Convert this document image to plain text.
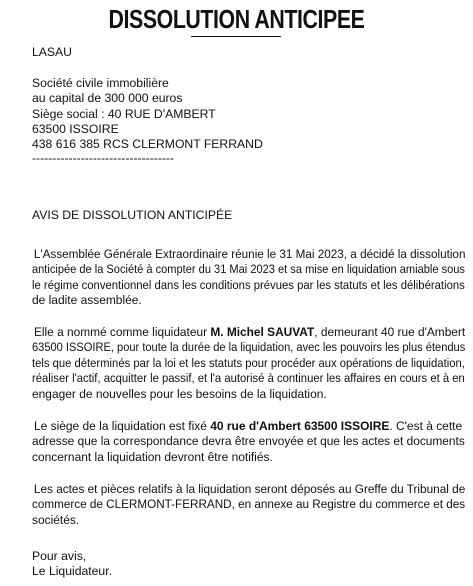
DISSOLUTION ANTICIPEE
LASAU
Société civile immobilière
au capital de 300 000 euros
Siège social : 40 RUE D'AMBERT
63500 ISSOIRE
438 616 385 RCS CLERMONT FERRAND
-----------------------------------
AVIS DE DISSOLUTION ANTICIPÉE
L'Assemblée Générale Extraordinaire réunie le 31 Mai 2023, a décidé la dissolution
anticipée de la Société à compter du 31 Mai 2023 et sa mise en liquidation amiable sous
le régime conventionnel dans les conditions prévues par les statuts et les délibérations
de ladite assemblée.
Elle a nommé comme liquidateur M. Michel SAUVAT, demeurant 40 rue d'Ambert
63500 ISSOIRE, pour toute la durée de la liquidation, avec les pouvoirs les plus étendus
tels que déterminés par la loi et les statuts pour procéder aux opérations de liquidation,
réaliser l'actif, acquitter le passif, et l'a autorisé à continuer les affaires en cours et à en
engager de nouvelles pour les besoins de la liquidation.
Le siège de la liquidation est fixé 40 rue d'Ambert 63500 ISSOIRE. C'est à cette
adresse que la correspondance devra être envoyée et que les actes et documents
concernant la liquidation devront être notifiés.
Les actes et pièces relatifs à la liquidation seront déposés au Greffe du Tribunal de
commerce de CLERMONT-FERRAND, en annexe au Registre du commerce et des
sociétés.
Pour avis,
Le Liquidateur.
